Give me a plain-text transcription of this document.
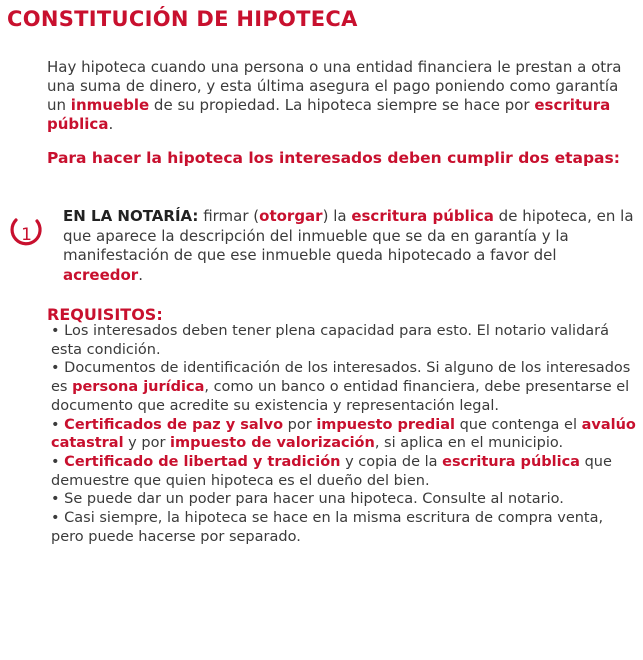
CONSTITUCIÓN DE HIPOTECA

Hay hipoteca cuando una persona o una entidad financiera le prestan a otra una suma de dinero, y esta última asegura el pago poniendo como garantía un inmueble de su propiedad. La hipoteca siempre se hace por escritura pública.

Para hacer la hipoteca los interesados deben cumplir dos etapas:

1

EN LA NOTARÍA: firmar (otorgar) la escritura pública de hipoteca, en la que aparece la descripción del inmueble que se da en garantía y la manifestación de que ese inmueble queda hipotecado a favor del acreedor.

REQUISITOS:
• Los interesados deben tener plena capacidad para esto. El notario validará esta condición.
• Documentos de identificación de los interesados. Si alguno de los interesados es persona jurídica, como un banco o entidad financiera, debe presentarse el documento que acredite su existencia y representación legal.
• Certificados de paz y salvo por impuesto predial que contenga el avalúo catastral y por impuesto de valorización, si aplica en el municipio.
• Certificado de libertad y tradición y copia de la escritura pública que demuestre que quien hipoteca es el dueño del bien.
• Se puede dar un poder para hacer una hipoteca. Consulte al notario.
• Casi siempre, la hipoteca se hace en la misma escritura de compra venta, pero puede hacerse por separado.
